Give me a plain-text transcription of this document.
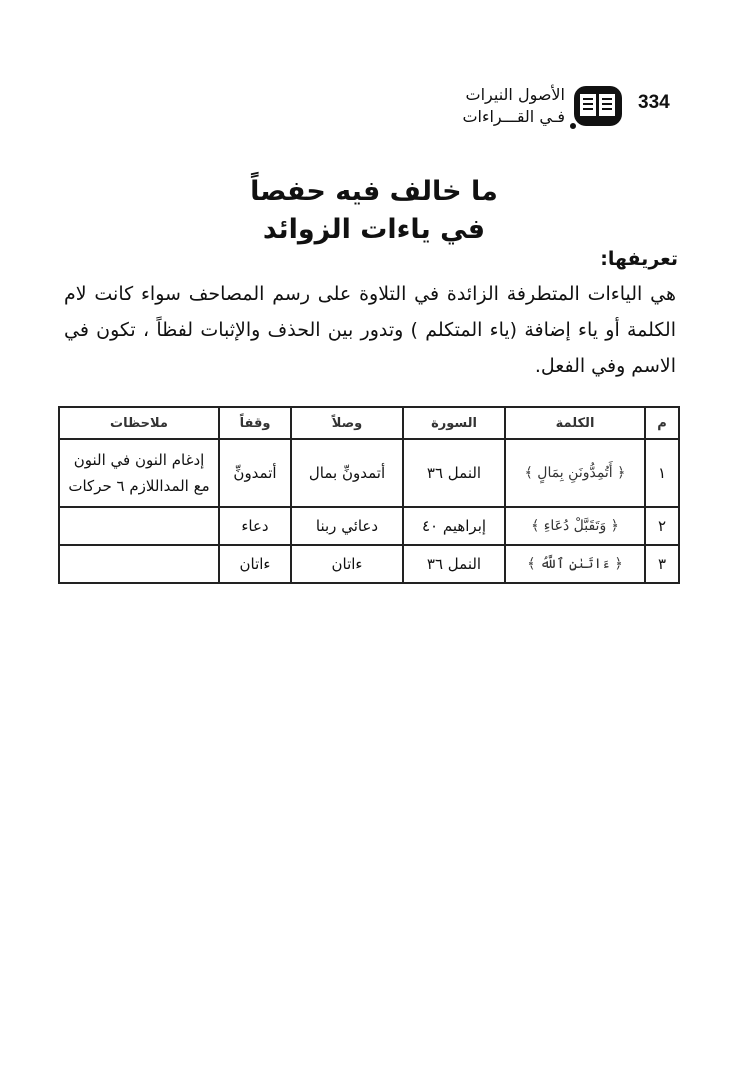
الأصول النيرات
فـي القـــراءات
334
ما خالف فيه حفصاً
في ياءات الزوائد
تعريفها:
هي الياءات المتطرفة الزائدة في التلاوة على رسم المصاحف سواء كانت لام الكلمة أو ياء إضافة (ياء المتكلم ) وتدور بين الحذف والإثبات لفظاً ، تكون في الاسم وفي الفعل.
م	الكلمة	السورة	وصلاً	وقفاً	ملاحظات
١	﴿ أَتُمِدُّونَنِ بِمَالٍ ﴾	النمل ٣٦	أتمدونِّ بمال	أتمدونِّ	إدغام النون في النون
مع المداللازم ٦ حركات

٢	﴿ وَتَقَبَّلْ دُعَاءِ ﴾	إبراهيم ٤٠	دعائي ربنا	دعاء	
٣	﴿ ءَاتَىٰنِ ٱللَّهُ ﴾	النمل ٣٦	ءاتان	ءاتان	
